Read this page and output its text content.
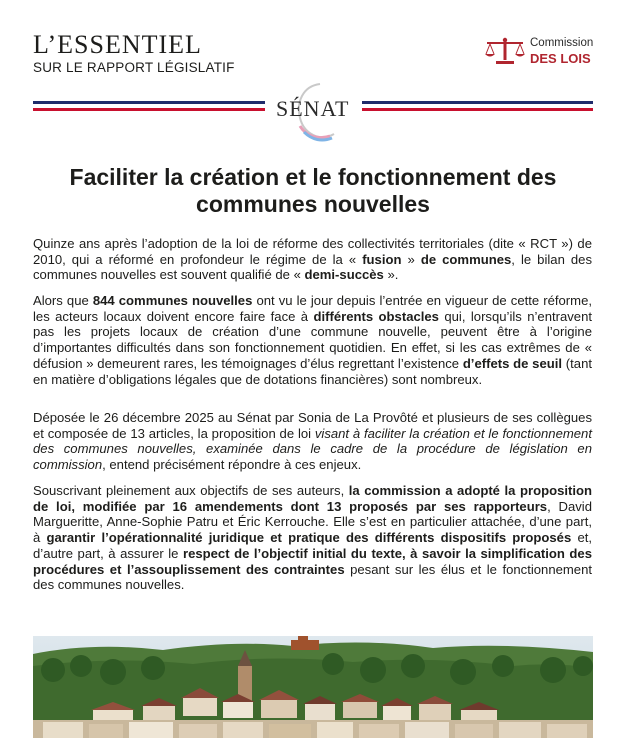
L’ESSENTIEL
SUR LE RAPPORT LÉGISLATIF
Commission
DES LOIS
SÉNAT
Faciliter la création et le fonctionnement des communes nouvelles

Quinze ans après l’adoption de la loi de réforme des collectivités territoriales (dite « RCT ») de 2010, qui a réformé en profondeur le régime de la « fusion » de communes, le bilan des communes nouvelles est souvent qualifié de « demi-succès ».

Alors que 844 communes nouvelles ont vu le jour depuis l’entrée en vigueur de cette réforme, les acteurs locaux doivent encore faire face à différents obstacles qui, lorsqu’ils n’entravent pas les projets locaux de création d’une commune nouvelle, peuvent être à l’origine d’importantes difficultés dans son fonctionnement quotidien. En effet, si les cas extrêmes de « défusion » demeurent rares, les témoignages d’élus regrettant l’existence d’effets de seuil (tant en matière d’obligations légales que de dotations financières) sont nombreux.

Déposée le 26 décembre 2025 au Sénat par Sonia de La Provôté et plusieurs de ses collègues et composée de 13 articles, la proposition de loi visant à faciliter la création et le fonctionnement des communes nouvelles, examinée dans le cadre de la procédure de législation en commission, entend précisément répondre à ces enjeux.

Souscrivant pleinement aux objectifs de ses auteurs, la commission a adopté la proposition de loi, modifiée par 16 amendements dont 13 proposés par ses rapporteurs, David Margueritte, Anne-Sophie Patru et Éric Kerrouche. Elle s’est en particulier attachée, d’une part, à garantir l’opérationnalité juridique et pratique des différents dispositifs proposés et, d’autre part, à assurer le respect de l’objectif initial du texte, à savoir la simplification des procédures et l’assouplissement des contraintes pesant sur les élus et le fonctionnement des communes nouvelles.
